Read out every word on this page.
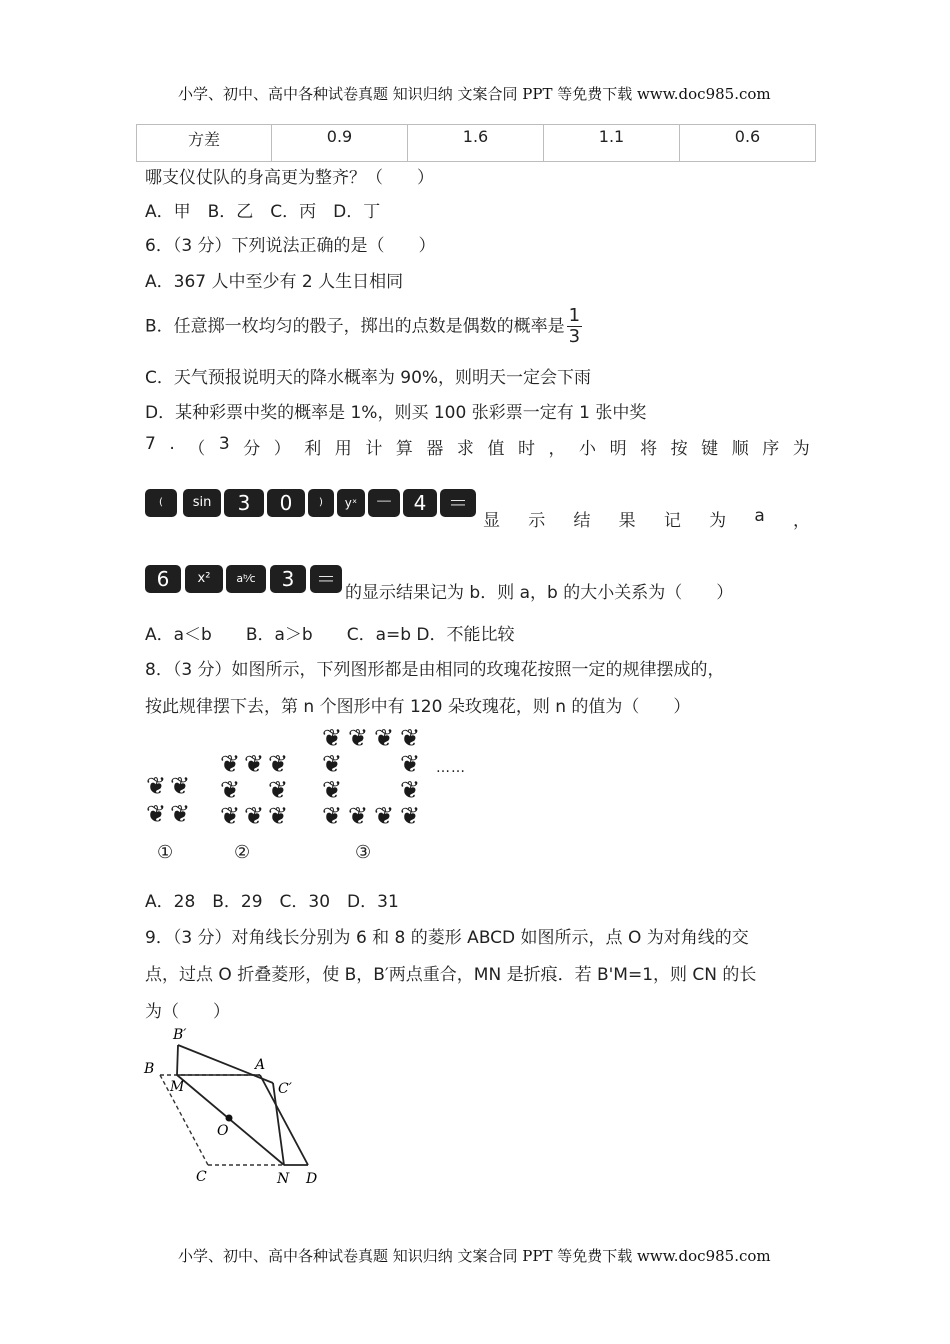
小学、初中、高中各种试卷真题 知识归纳 文案合同 PPT 等免费下载 www.doc985.com
方差	0.9	1.6	1.1	0.6
哪支仪仗队的身高更为整齐？（　　）
A．甲　B．乙　C．丙　D．丁
6．（3 分）下列说法正确的是（　　）
A．367 人中至少有 2 人生日相同
B．任意掷一枚均匀的骰子，掷出的点数是偶数的概率是 $\frac{1}{3}$
C．天气预报说明天的降水概率为 90%，则明天一定会下雨
D．某种彩票中奖的概率是 1%，则买 100 张彩票一定有 1 张中奖
7 . （ 3 分 ） 利 用 计 算 器 求 值 时 ， 小 明 将 按 键 顺 序 为
(	sin	3	0	)	yˣ －	4	＝
显 示 结 果 记 为 a ，
6	x²	aᵇ⁄c	3	＝
的显示结果记为 b．则 a，b 的大小关系为（　　）
A．a＜b　　B．a＞b　　C．a=b D．不能比较
8．（3 分）如图所示，下列图形都是由相同的玫瑰花按照一定的规律摆成的，
按此规律摆下去，第 n 个图形中有 120 朵玫瑰花，则 n 的值为（　　）
❦ ❦
❦ ❦
❦ ❦ ❦
❦ ❦
❦ ❦ ❦
❦ ❦ ❦ ❦
❦ ❦
❦ ❦
❦ ❦ ❦ ❦
……
①	②	③
A．28　B．29　C．30　D．31
9．（3 分）对角线长分别为 6 和 8 的菱形 ABCD 如图所示，点 O 为对角线的交
点，过点 O 折叠菱形，使 B，B′两点重合，MN 是折痕．若 B'M=1，则 CN 的长
为（　　）
B′
B	A
M	C′
O
C	N D
小学、初中、高中各种试卷真题 知识归纳 文案合同 PPT 等免费下载 www.doc985.com
